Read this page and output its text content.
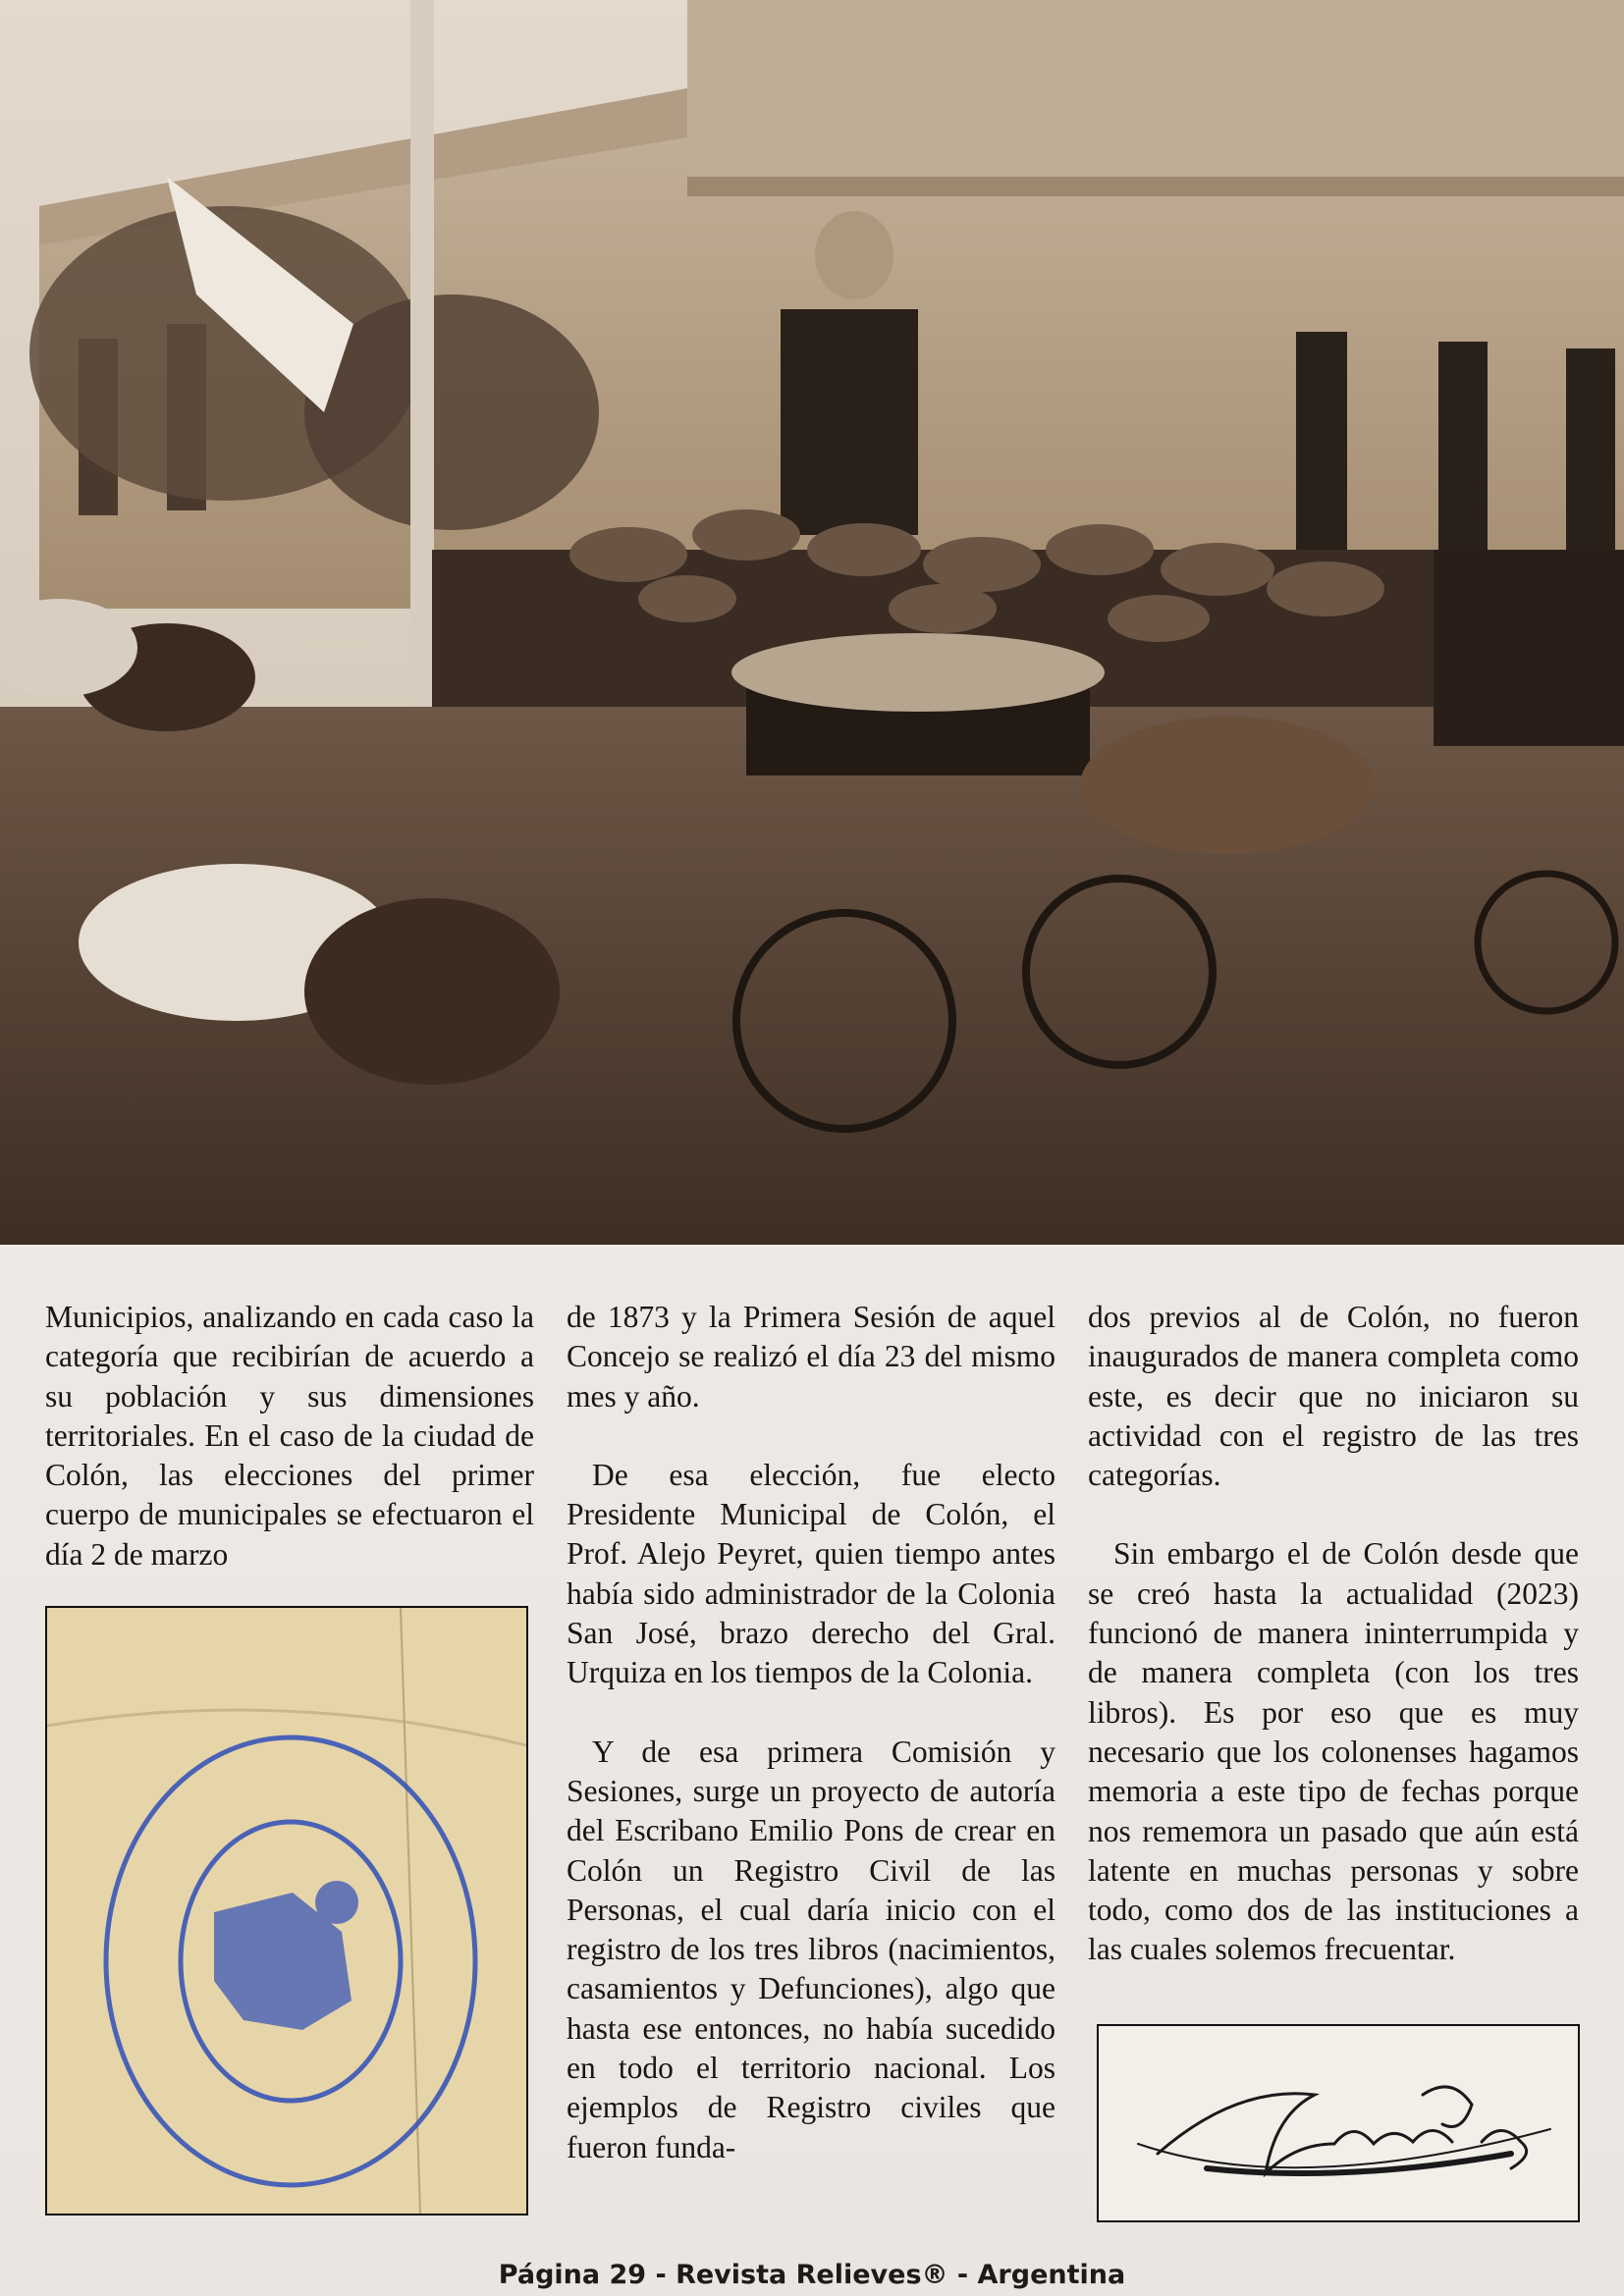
Municipios, analizando en cada caso la categoría que recibirían de acuerdo a su población y sus dimensiones territoriales. En el caso de la ciudad de Colón, las elecciones del primer cuerpo de municipales se efectuaron el día 2 de marzo

de 1873 y la Primera Sesión de aquel Concejo se realizó el día 23 del mismo mes y año.

De esa elección, fue electo Presidente Municipal de Colón, el Prof. Alejo Peyret, quien tiempo antes había sido administrador de la Colonia San José, brazo derecho del Gral. Urquiza en los tiempos de la Colonia.

Y de esa primera Comisión y Sesiones, surge un proyecto de autoría del Escribano Emilio Pons de crear en Colón un Registro Civil de las Personas, el cual daría inicio con el registro de los tres libros (nacimientos, casamientos y Defunciones), algo que hasta ese entonces, no había sucedido en todo el territorio nacional. Los ejemplos de Registro civiles que fueron funda-

dos previos al de Colón, no fueron inaugurados de manera completa como este, es decir que no iniciaron su actividad con el registro de las tres categorías.

Sin embargo el de Colón desde que se creó hasta la actualidad (2023) funcionó de manera ininterrumpida y de manera completa (con los tres libros). Es por eso que es muy necesario que los colonenses hagamos memoria a este tipo de fechas porque nos rememora un pasado que aún está latente en muchas personas y sobre todo, como dos de las instituciones a las cuales solemos frecuentar.

Página 29 - Revista Relieves® - Argentina
